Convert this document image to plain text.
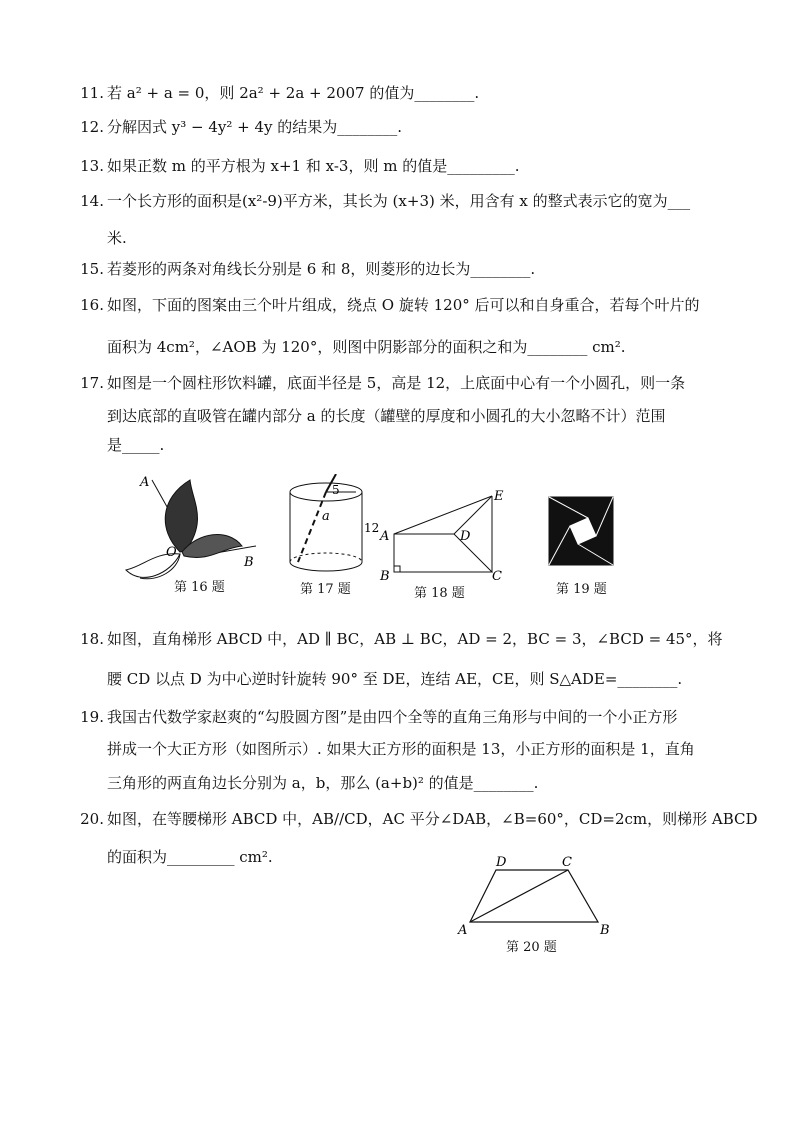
11. 若 a² + a = 0，则 2a² + 2a + 2007 的值为________.
12. 分解因式 y³ − 4y² + 4y 的结果为________.
13. 如果正数 m 的平方根为 x+1 和 x-3，则 m 的值是_________.
14. 一个长方形的面积是(x²-9)平方米，其长为 (x+3) 米，用含有 x 的整式表示它的宽为___
米.
15. 若菱形的两条对角线长分别是 6 和 8，则菱形的边长为________.
16. 如图，下面的图案由三个叶片组成，绕点 O 旋转 120° 后可以和自身重合，若每个叶片的
面积为 4cm²，∠AOB 为 120°，则图中阴影部分的面积之和为________ cm².
17. 如图是一个圆柱形饮料罐，底面半径是 5，高是 12，上底面中心有一个小圆孔，则一条
到达底部的直吸管在罐内部分 a 的长度（罐壁的厚度和小圆孔的大小忽略不计）范围
是_____.
A
O
B
第 16 题
5
a
12
第 17 题
A
B	C
D
E
第 18 题	第 19 题
18. 如图，直角梯形 ABCD 中，AD ∥ BC，AB ⊥ BC，AD = 2，BC = 3，∠BCD = 45°，将
腰 CD 以点 D 为中心逆时针旋转 90° 至 DE，连结 AE，CE，则 S△ADE=________.
19. 我国古代数学家赵爽的“勾股圆方图”是由四个全等的直角三角形与中间的一个小正方形
拼成一个大正方形（如图所示）. 如果大正方形的面积是 13，小正方形的面积是 1，直角
三角形的两直角边长分别为 a，b，那么 (a+b)² 的值是________.
20. 如图，在等腰梯形 ABCD 中，AB//CD，AC 平分∠DAB，∠B=60°，CD=2cm，则梯形 ABCD
的面积为_________ cm².
A	B
C
D
第 20 题
